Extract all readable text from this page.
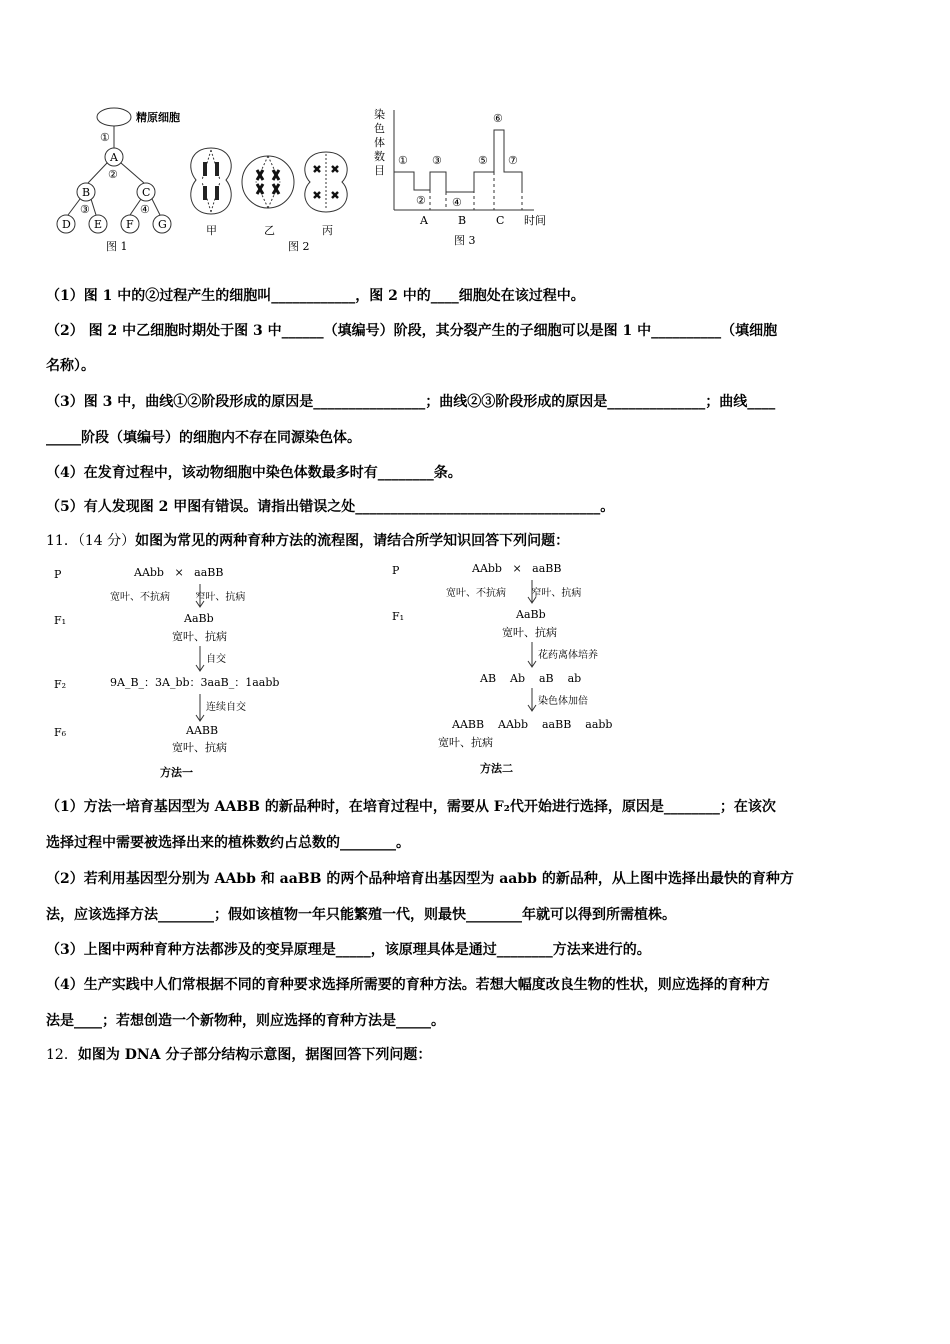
精原细胞
①
A
②
B	C
③	④
D E F G
图 1
甲	乙	丙
图 2
染
色
体
数
目
①
②
③
④
⑤
⑥
⑦
A	B	C 时间
图 3
（1）图 1 中的②过程产生的细胞叫____________，图 2 中的____细胞处在该过程中。
（2） 图 2 中乙细胞时期处于图 3 中______（填编号）阶段，其分裂产生的子细胞可以是图 1 中__________（填细胞
名称）。
（3）图 3 中，曲线①②阶段形成的原因是________________；曲线②③阶段形成的原因是______________；曲线____
_____阶段（填编号）的细胞内不存在同源染色体。
（4）在发育过程中，该动物细胞中染色体数最多时有________条。
（5）有人发现图 2 甲图有错误。请指出错误之处___________________________________。
11．（14 分）如图为常见的两种育种方法的流程图，请结合所学知识回答下列问题：
P
F₁
F₂
F₆
AAbb   ×   aaBB
宽叶、不抗病        窄叶、抗病
AaBb
宽叶、抗病
自交
9A_B_：3A_bb：3aaB_：1aabb
连续自交
AABB
宽叶、抗病
方法一
P
F₁
AAbb   ×   aaBB
宽叶、不抗病        窄叶、抗病
AaBb
宽叶、抗病
花药离体培养
AB    Ab    aB    ab
染色体加倍
AABB    AAbb    aaBB    aabb
宽叶、抗病
方法二
（1）方法一培育基因型为 AABB 的新品种时，在培育过程中，需要从 F₂代开始进行选择，原因是________；在该次
选择过程中需要被选择出来的植株数约占总数的________。
（2）若利用基因型分别为 AAbb 和 aaBB 的两个品种培育出基因型为 aabb 的新品种，从上图中选择出最快的育种方
法，应该选择方法________；假如该植物一年只能繁殖一代，则最快________年就可以得到所需植株。
（3）上图中两种育种方法都涉及的变异原理是_____，该原理具体是通过________方法来进行的。
（4）生产实践中人们常根据不同的育种要求选择所需要的育种方法。若想大幅度改良生物的性状，则应选择的育种方
法是____；若想创造一个新物种，则应选择的育种方法是_____。
12．如图为 DNA 分子部分结构示意图，据图回答下列问题：
